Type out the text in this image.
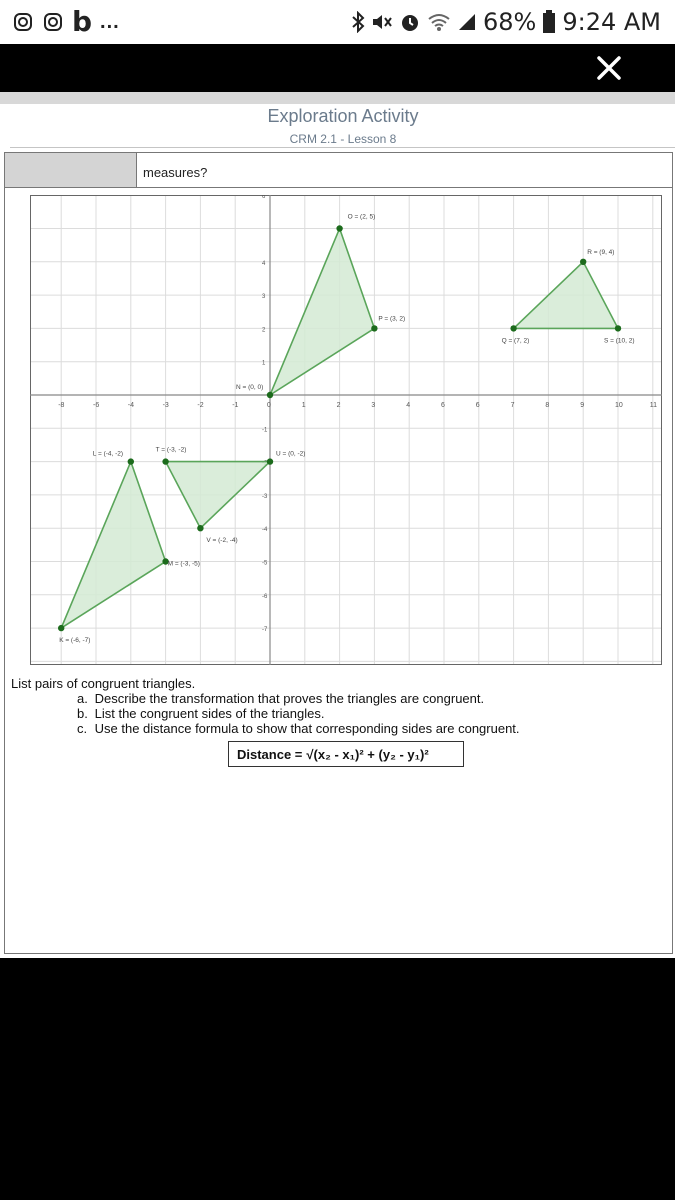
b ...	68% 9:24 AM
Exploration Activity
CRM 2.1 - Lesson 8
measures?
-8	-6	-4	-3	-2	-1	0	1	2	3	4	6	6	7	8	9	10	11
6
4
3
2
1
-1
-3
-4
-5
-6
-7
O = (2, 5)
P = (3, 2)
N = (0, 0)
R = (9, 4)
Q = (7, 2)	S = (10, 2)
L = (-4, -2)
T = (-3, -2)
U = (0, -2)
V = (-2, -4)
M = (-3, -5)
K = (-6, -7)
List pairs of congruent triangles.
a. Describe the transformation that proves the triangles are congruent.
b. List the congruent sides of the triangles.
c. Use the distance formula to show that corresponding sides are congruent.
Distance = √(x₂ - x₁)² + (y₂ - y₁)²
